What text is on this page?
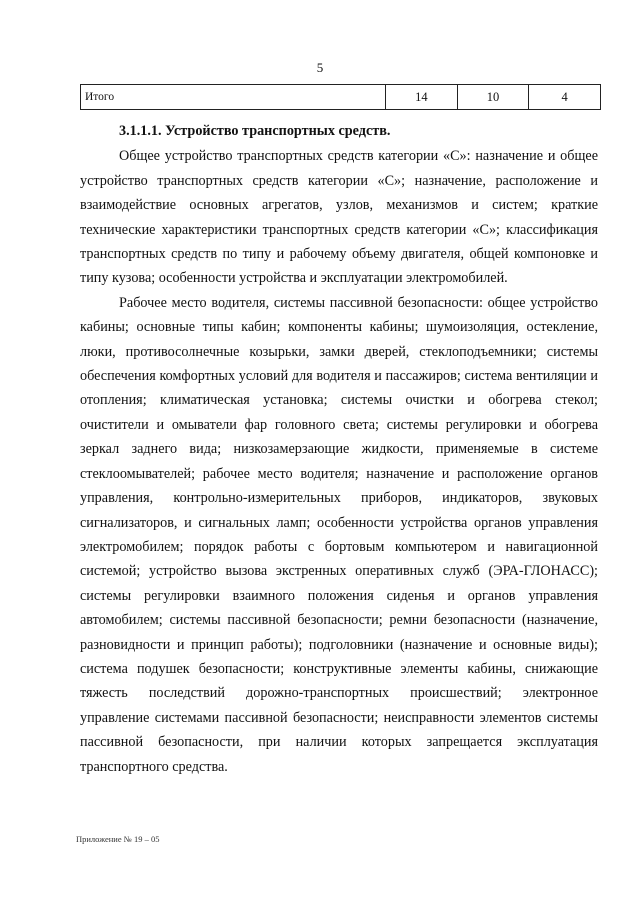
5
Итого	14	10	4

3.1.1.1. Устройство транспортных средств.

Общее устройство транспортных средств категории «С»: назначение и общее устройство транспортных средств категории «С»; назначение, расположение и взаимодействие основных агрегатов, узлов, механизмов и систем; краткие технические характеристики транспортных средств категории «С»; классификация транспортных средств по типу и рабочему объему двигателя, общей компоновке и типу кузова; особенности устройства и эксплуатации электромобилей.

Рабочее место водителя, системы пассивной безопасности: общее устройство кабины; основные типы кабин; компоненты кабины; шумоизоляция, остекление, люки, противосолнечные козырьки, замки дверей, стеклоподъемники; системы обеспечения комфортных условий для водителя и пассажиров; система вентиляции и отопления; климатическая установка; системы очистки и обогрева стекол; очистители и омыватели фар головного света; системы регулировки и обогрева зеркал заднего вида; низкозамерзающие жидкости, применяемые в системе стеклоомывателей; рабочее место водителя; назначение и расположение органов управления, контрольно-измерительных приборов, индикаторов, звуковых сигнализаторов, и сигнальных ламп; особенности устройства органов управления электромобилем; порядок работы с бортовым компьютером и навигационной системой; устройство вызова экстренных оперативных служб (ЭРА-ГЛОНАСС); системы регулировки взаимного положения сиденья и органов управления автомобилем; системы пассивной безопасности; ремни безопасности (назначение, разновидности и принцип работы); подголовники (назначение и основные виды); система подушек безопасности; конструктивные элементы кабины, снижающие тяжесть последствий дорожно-транспортных происшествий; электронное управление системами пассивной безопасности; неисправности элементов системы пассивной безопасности, при наличии которых запрещается эксплуатация транспортного средства.

Приложение № 19 – 05
